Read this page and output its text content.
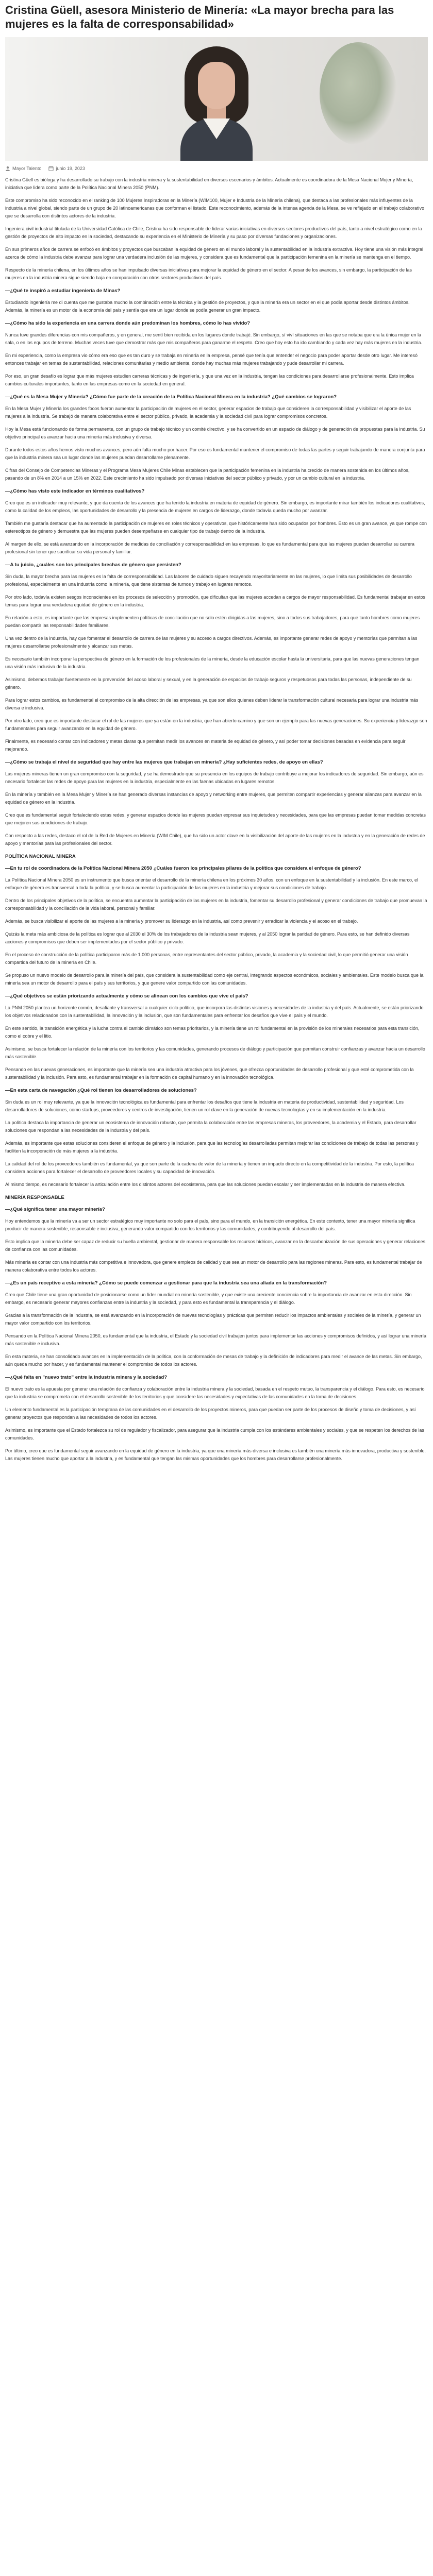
Cristina Güell, asesora Ministerio de Minería: «La mayor brecha para las mujeres es la falta de corresponsabilidad»
Mayor Talento	junio 19, 2023

Cristina Güell es bióloga y ha desarrollado su trabajo con la industria minera y la sustentabilidad en diversos escenarios y ámbitos. Actualmente es coordinadora de la Mesa Nacional Mujer y Minería, iniciativa que lidera como parte de la Política Nacional Minera 2050 (PNM).

Este compromiso ha sido reconocido en el ranking de 100 Mujeres Inspiradoras en la Minería (WIM100, Mujer e Industria de la Minería chilena), que destaca a las profesionales más influyentes de la industria a nivel global, siendo parte de un grupo de 20 latinoamericanas que conforman el listado. Este reconocimiento, además de la intensa agenda de la Mesa, se ve reflejado en el trabajo colaborativo que se desarrolla con distintos actores de la industria.

Ingeniera civil industrial titulada de la Universidad Católica de Chile, Cristina ha sido responsable de liderar varias iniciativas en diversos sectores productivos del país, tanto a nivel estratégico como en la gestión de proyectos de alto impacto en la sociedad, destacando su experiencia en el Ministerio de Minería y su paso por diversas fundaciones y organizaciones.

En sus primeros años de carrera se enfocó en ámbitos y proyectos que buscaban la equidad de género en el mundo laboral y la sustentabilidad en la industria extractiva. Hoy tiene una visión más integral acerca de cómo la industria debe avanzar para lograr una verdadera inclusión de las mujeres, y considera que es fundamental que la participación femenina en la minería se mantenga en el tiempo.

Respecto de la minería chilena, en los últimos años se han impulsado diversas iniciativas para mejorar la equidad de género en el sector. A pesar de los avances, sin embargo, la participación de las mujeres en la industria minera sigue siendo baja en comparación con otros sectores productivos del país.

—¿Qué te inspiró a estudiar ingeniería de Minas?

Estudiando ingeniería me di cuenta que me gustaba mucho la combinación entre la técnica y la gestión de proyectos, y que la minería era un sector en el que podía aportar desde distintos ámbitos. Además, la minería es un motor de la economía del país y sentía que era un lugar donde se podía generar un gran impacto.

—¿Cómo ha sido la experiencia en una carrera donde aún predominan los hombres, cómo lo has vivido?

Nunca tuve grandes diferencias con mis compañeros, y en general, me sentí bien recibida en los lugares donde trabajé. Sin embargo, sí viví situaciones en las que se notaba que era la única mujer en la sala, o en los equipos de terreno. Muchas veces tuve que demostrar más que mis compañeros para ganarme el respeto. Creo que hoy esto ha ido cambiando y cada vez hay más mujeres en la industria.

En mi experiencia, como la empresa vio cómo era eso que es tan duro y se trabaja en minería en la empresa, pensé que tenía que entender el negocio para poder aportar desde otro lugar. Me interesó entonces trabajar en temas de sustentabilidad, relaciones comunitarias y medio ambiente, donde hay muchas más mujeres trabajando y pude desarrollar mi carrera.

Por eso, un gran desafío es lograr que más mujeres estudien carreras técnicas y de ingeniería, y que una vez en la industria, tengan las condiciones para desarrollarse profesionalmente. Esto implica cambios culturales importantes, tanto en las empresas como en la sociedad en general.

—¿Qué es la Mesa Mujer y Minería? ¿Cómo fue parte de la creación de la Política Nacional Minera en la industria? ¿Qué cambios se lograron?

En la Mesa Mujer y Minería los grandes focos fueron aumentar la participación de mujeres en el sector, generar espacios de trabajo que consideren la corresponsabilidad y visibilizar el aporte de las mujeres a la industria. Se trabajó de manera colaborativa entre el sector público, privado, la academia y la sociedad civil para lograr compromisos concretos.

Hoy la Mesa está funcionando de forma permanente, con un grupo de trabajo técnico y un comité directivo, y se ha convertido en un espacio de diálogo y de generación de propuestas para la industria. Su objetivo principal es avanzar hacia una minería más inclusiva y diversa.

Durante todos estos años hemos visto muchos avances, pero aún falta mucho por hacer. Por eso es fundamental mantener el compromiso de todas las partes y seguir trabajando de manera conjunta para que la industria minera sea un lugar donde las mujeres puedan desarrollarse plenamente.

Cifras del Consejo de Competencias Mineras y el Programa Mesa Mujeres Chile Minas establecen que la participación femenina en la industria ha crecido de manera sostenida en los últimos años, pasando de un 8% en 2014 a un 15% en 2022. Este crecimiento ha sido impulsado por diversas iniciativas del sector público y privado, y por un cambio cultural en la industria.

—¿Cómo has visto este indicador en términos cualitativos?

Creo que es un indicador muy relevante, y que da cuenta de los avances que ha tenido la industria en materia de equidad de género. Sin embargo, es importante mirar también los indicadores cualitativos, como la calidad de los empleos, las oportunidades de desarrollo y la presencia de mujeres en cargos de liderazgo, donde todavía queda mucho por avanzar.

También me gustaría destacar que ha aumentado la participación de mujeres en roles técnicos y operativos, que históricamente han sido ocupados por hombres. Esto es un gran avance, ya que rompe con estereotipos de género y demuestra que las mujeres pueden desempeñarse en cualquier tipo de trabajo dentro de la industria.

Al margen de ello, se está avanzando en la incorporación de medidas de conciliación y corresponsabilidad en las empresas, lo que es fundamental para que las mujeres puedan desarrollar su carrera profesional sin tener que sacrificar su vida personal y familiar.

—A tu juicio, ¿cuáles son los principales brechas de género que persisten?

Sin duda, la mayor brecha para las mujeres es la falta de corresponsabilidad. Las labores de cuidado siguen recayendo mayoritariamente en las mujeres, lo que limita sus posibilidades de desarrollo profesional, especialmente en una industria como la minería, que tiene sistemas de turnos y trabajo en lugares remotos.

Por otro lado, todavía existen sesgos inconscientes en los procesos de selección y promoción, que dificultan que las mujeres accedan a cargos de mayor responsabilidad. Es fundamental trabajar en estos temas para lograr una verdadera equidad de género en la industria.

En relación a esto, es importante que las empresas implementen políticas de conciliación que no solo estén dirigidas a las mujeres, sino a todos sus trabajadores, para que tanto hombres como mujeres puedan compartir las responsabilidades familiares.

Una vez dentro de la industria, hay que fomentar el desarrollo de carrera de las mujeres y su acceso a cargos directivos. Además, es importante generar redes de apoyo y mentorías que permitan a las mujeres desarrollarse profesionalmente y alcanzar sus metas.

Es necesario también incorporar la perspectiva de género en la formación de los profesionales de la minería, desde la educación escolar hasta la universitaria, para que las nuevas generaciones tengan una visión más inclusiva de la industria.

Asimismo, debemos trabajar fuertemente en la prevención del acoso laboral y sexual, y en la generación de espacios de trabajo seguros y respetuosos para todas las personas, independiente de su género.

Para lograr estos cambios, es fundamental el compromiso de la alta dirección de las empresas, ya que son ellos quienes deben liderar la transformación cultural necesaria para lograr una industria más diversa e inclusiva.

Por otro lado, creo que es importante destacar el rol de las mujeres que ya están en la industria, que han abierto camino y que son un ejemplo para las nuevas generaciones. Su experiencia y liderazgo son fundamentales para seguir avanzando en la equidad de género.

Finalmente, es necesario contar con indicadores y metas claras que permitan medir los avances en materia de equidad de género, y así poder tomar decisiones basadas en evidencia para seguir mejorando.

—¿Cómo se trabaja el nivel de seguridad que hay entre las mujeres que trabajan en minería? ¿Hay suficientes redes, de apoyo en ellas?

Las mujeres mineras tienen un gran compromiso con la seguridad, y se ha demostrado que su presencia en los equipos de trabajo contribuye a mejorar los indicadores de seguridad. Sin embargo, aún es necesario fortalecer las redes de apoyo para las mujeres en la industria, especialmente en las faenas ubicadas en lugares remotos.

En la minería y también en la Mesa Mujer y Minería se han generado diversas instancias de apoyo y networking entre mujeres, que permiten compartir experiencias y generar alianzas para avanzar en la equidad de género en la industria.

Creo que es fundamental seguir fortaleciendo estas redes, y generar espacios donde las mujeres puedan expresar sus inquietudes y necesidades, para que las empresas puedan tomar medidas concretas que mejoren sus condiciones de trabajo.

Con respecto a las redes, destaco el rol de la Red de Mujeres en Minería (WIM Chile), que ha sido un actor clave en la visibilización del aporte de las mujeres en la industria y en la generación de redes de apoyo y mentorías para las profesionales del sector.

POLÍTICA NACIONAL MINERA

—En tu rol de coordinadora de la Política Nacional Minera 2050 ¿Cuáles fueron los principales pilares de la política que considera el enfoque de género?

La Política Nacional Minera 2050 es un instrumento que busca orientar el desarrollo de la minería chilena en los próximos 30 años, con un enfoque en la sustentabilidad y la inclusión. En este marco, el enfoque de género es transversal a toda la política, y se busca aumentar la participación de las mujeres en la industria y mejorar sus condiciones de trabajo.

Dentro de los principales objetivos de la política, se encuentra aumentar la participación de las mujeres en la industria, fomentar su desarrollo profesional y generar condiciones de trabajo que promuevan la corresponsabilidad y la conciliación de la vida laboral, personal y familiar.

Además, se busca visibilizar el aporte de las mujeres a la minería y promover su liderazgo en la industria, así como prevenir y erradicar la violencia y el acoso en el trabajo.

Quizás la meta más ambiciosa de la política es lograr que al 2030 el 30% de los trabajadores de la industria sean mujeres, y al 2050 lograr la paridad de género. Para esto, se han definido diversas acciones y compromisos que deben ser implementados por el sector público y privado.

En el proceso de construcción de la política participaron más de 1.000 personas, entre representantes del sector público, privado, la academia y la sociedad civil, lo que permitió generar una visión compartida del futuro de la minería en Chile.

Se propuso un nuevo modelo de desarrollo para la minería del país, que considera la sustentabilidad como eje central, integrando aspectos económicos, sociales y ambientales. Este modelo busca que la minería sea un motor de desarrollo para el país y sus territorios, y que genere valor compartido con las comunidades.

—¿Qué objetivos se están priorizando actualmente y cómo se alinean con los cambios que vive el país?

La PNM 2050 plantea un horizonte común, desafiante y transversal a cualquier ciclo político, que incorpora las distintas visiones y necesidades de la industria y del país. Actualmente, se están priorizando los objetivos relacionados con la sustentabilidad, la innovación y la inclusión, que son fundamentales para enfrentar los desafíos que vive el país y el mundo.

En este sentido, la transición energética y la lucha contra el cambio climático son temas prioritarios, y la minería tiene un rol fundamental en la provisión de los minerales necesarios para esta transición, como el cobre y el litio.

Asimismo, se busca fortalecer la relación de la minería con los territorios y las comunidades, generando procesos de diálogo y participación que permitan construir confianzas y avanzar hacia un desarrollo más sostenible.

Pensando en las nuevas generaciones, es importante que la minería sea una industria atractiva para los jóvenes, que ofrezca oportunidades de desarrollo profesional y que esté comprometida con la sustentabilidad y la inclusión. Para esto, es fundamental trabajar en la formación de capital humano y en la innovación tecnológica.

—En esta carta de navegación ¿Qué rol tienen los desarrolladores de soluciones?

Sin duda es un rol muy relevante, ya que la innovación tecnológica es fundamental para enfrentar los desafíos que tiene la industria en materia de productividad, sustentabilidad y seguridad. Los desarrolladores de soluciones, como startups, proveedores y centros de investigación, tienen un rol clave en la generación de nuevas tecnologías y en su implementación en la industria.

La política destaca la importancia de generar un ecosistema de innovación robusto, que permita la colaboración entre las empresas mineras, los proveedores, la academia y el Estado, para desarrollar soluciones que respondan a las necesidades de la industria y del país.

Además, es importante que estas soluciones consideren el enfoque de género y la inclusión, para que las tecnologías desarrolladas permitan mejorar las condiciones de trabajo de todas las personas y faciliten la incorporación de más mujeres a la industria.

La calidad del rol de los proveedores también es fundamental, ya que son parte de la cadena de valor de la minería y tienen un impacto directo en la competitividad de la industria. Por esto, la política considera acciones para fortalecer el desarrollo de proveedores locales y su capacidad de innovación.

Al mismo tiempo, es necesario fortalecer la articulación entre los distintos actores del ecosistema, para que las soluciones puedan escalar y ser implementadas en la industria de manera efectiva.

MINERÍA RESPONSABLE

—¿Qué significa tener una mayor minería?

Hoy entendemos que la minería va a ser un sector estratégico muy importante no solo para el país, sino para el mundo, en la transición energética. En este contexto, tener una mayor minería significa producir de manera sostenible, responsable e inclusiva, generando valor compartido con los territorios y las comunidades, y contribuyendo al desarrollo del país.

Esto implica que la minería debe ser capaz de reducir su huella ambiental, gestionar de manera responsable los recursos hídricos, avanzar en la descarbonización de sus operaciones y generar relaciones de confianza con las comunidades.

Más minería es contar con una industria más competitiva e innovadora, que genere empleos de calidad y que sea un motor de desarrollo para las regiones mineras. Para esto, es fundamental trabajar de manera colaborativa entre todos los actores.

—¿Es un país receptivo a esta minería? ¿Cómo se puede comenzar a gestionar para que la industria sea una aliada en la transformación?

Creo que Chile tiene una gran oportunidad de posicionarse como un líder mundial en minería sostenible, y que existe una creciente conciencia sobre la importancia de avanzar en esta dirección. Sin embargo, es necesario generar mayores confianzas entre la industria y la sociedad, y para esto es fundamental la transparencia y el diálogo.

Gracias a la transformación de la industria, se está avanzando en la incorporación de nuevas tecnologías y prácticas que permiten reducir los impactos ambientales y sociales de la minería, y generar un mayor valor compartido con los territorios.

Pensando en la Política Nacional Minera 2050, es fundamental que la industria, el Estado y la sociedad civil trabajen juntos para implementar las acciones y compromisos definidos, y así lograr una minería más sostenible e inclusiva.

En esta materia, se han consolidado avances en la implementación de la política, con la conformación de mesas de trabajo y la definición de indicadores para medir el avance de las metas. Sin embargo, aún queda mucho por hacer, y es fundamental mantener el compromiso de todos los actores.

—¿Qué falta en "nuevo trato" entre la industria minera y la sociedad?

El nuevo trato es la apuesta por generar una relación de confianza y colaboración entre la industria minera y la sociedad, basada en el respeto mutuo, la transparencia y el diálogo. Para esto, es necesario que la industria se comprometa con el desarrollo sostenible de los territorios y que considere las necesidades y expectativas de las comunidades en la toma de decisiones.

Un elemento fundamental es la participación temprana de las comunidades en el desarrollo de los proyectos mineros, para que puedan ser parte de los procesos de diseño y toma de decisiones, y así generar proyectos que respondan a las necesidades de todos los actores.

Asimismo, es importante que el Estado fortalezca su rol de regulador y fiscalizador, para asegurar que la industria cumpla con los estándares ambientales y sociales, y que se respeten los derechos de las comunidades.

Por último, creo que es fundamental seguir avanzando en la equidad de género en la industria, ya que una minería más diversa e inclusiva es también una minería más innovadora, productiva y sostenible. Las mujeres tienen mucho que aportar a la industria, y es fundamental que tengan las mismas oportunidades que los hombres para desarrollarse profesionalmente.
